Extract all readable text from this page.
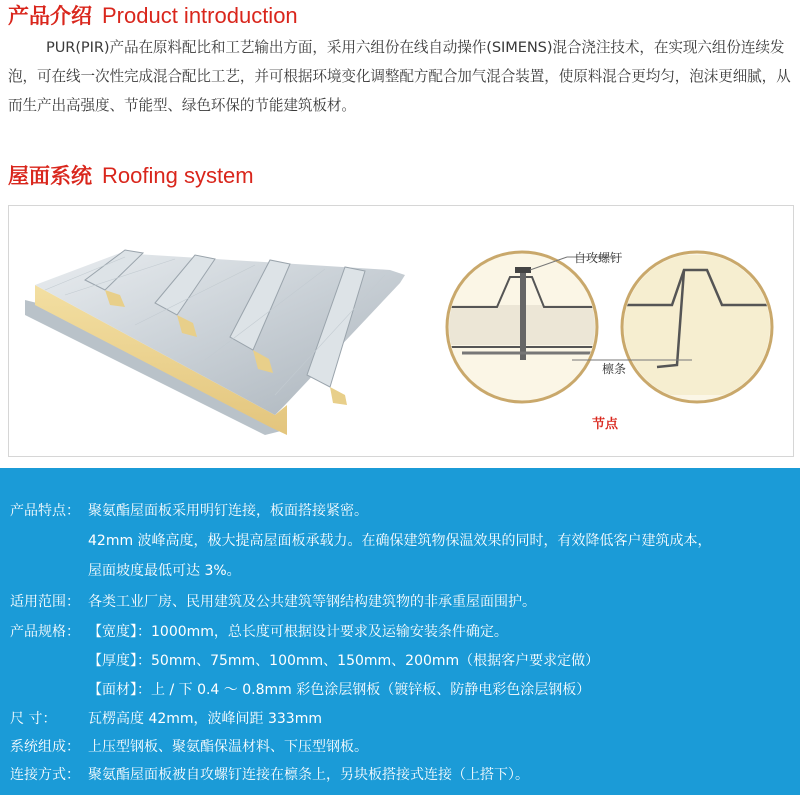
产品介绍 Product introduction
PUR(PIR)产品在原料配比和工艺输出方面，采用六组份在线自动操作(SIMENS)混合浇注技术，在实现六组份连续发泡，可在线一次性完成混合配比工艺，并可根据环境变化调整配方配合加气混合装置，使原料混合更均匀，泡沫更细腻，从而生产出高强度、节能型、绿色环保的节能建筑板材。
屋面系统 Roofing system
自攻螺钉
檩条
节点
产品特点： 聚氨酯屋面板采用明钉连接，板面搭接紧密。
42mm 波峰高度，极大提高屋面板承载力。在确保建筑物保温效果的同时，有效降低客户建筑成本，
屋面坡度最低可达 3%。
适用范围： 各类工业厂房、民用建筑及公共建筑等钢结构建筑物的非承重屋面围护。
产品规格： 【宽度】：1000mm，总长度可根据设计要求及运输安装条件确定。
【厚度】：50mm、75mm、100mm、150mm、200mm（根据客户要求定做）
【面材】：上 / 下 0.4 ～ 0.8mm 彩色涂层钢板（镀锌板、防静电彩色涂层钢板）
尺 寸： 瓦楞高度 42mm，波峰间距 333mm
系统组成： 上压型钢板、聚氨酯保温材料、下压型钢板。
连接方式： 聚氨酯屋面板被自攻螺钉连接在檩条上，另块板搭接式连接（上搭下）。
